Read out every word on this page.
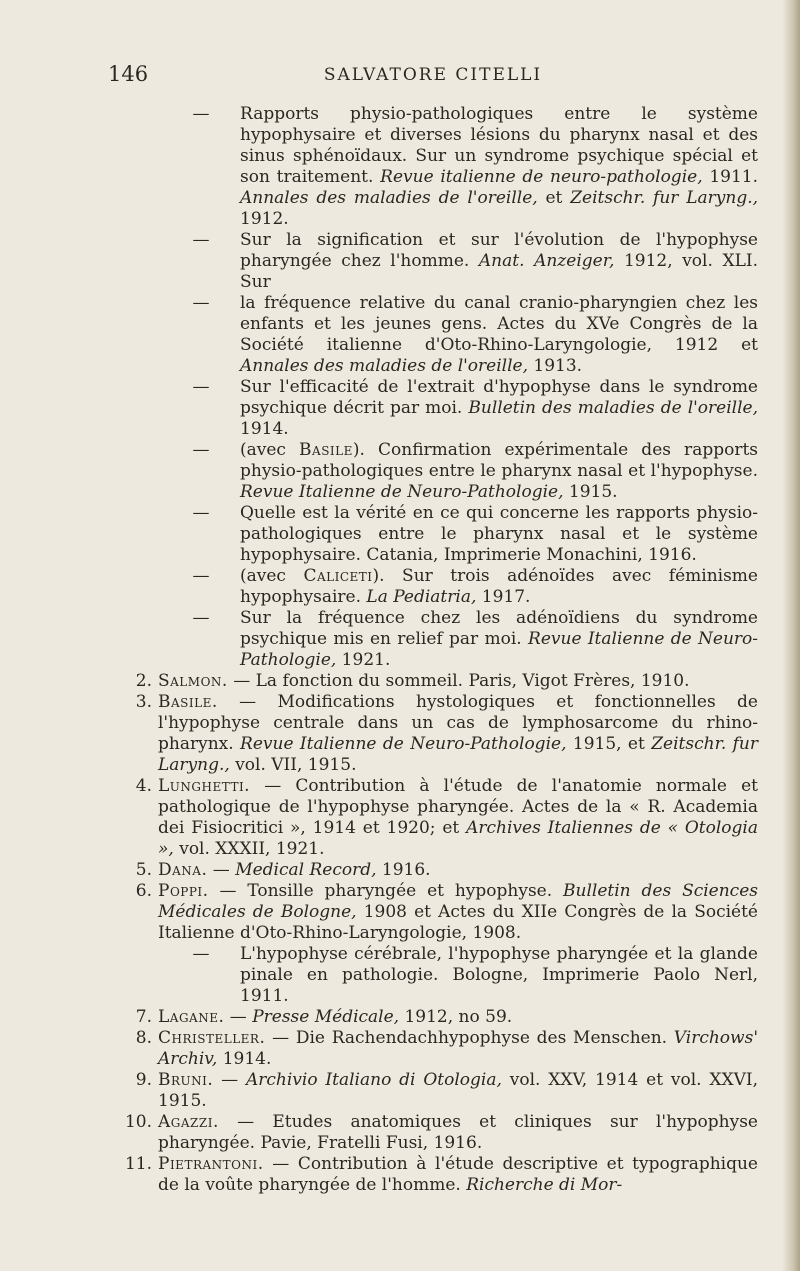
146	SALVATORE CITELLI

—	Rapports physio-pathologiques entre le système hypophysaire et diverses lésions du pharynx nasal et des sinus sphénoïdaux. Sur un syndrome psychique spécial et son traitement. Revue italienne de neuro-pathologie, 1911. Annales des maladies de l'oreille, et Zeitschr. fur Laryng., 1912.

—	Sur la signification et sur l'évolution de l'hypophyse pharyngée chez l'homme. Anat. Anzeiger, 1912, vol. XLI. Sur

—	la fréquence relative du canal cranio-pharyngien chez les enfants et les jeunes gens. Actes du XVe Congrès de la Société italienne d'Oto-Rhino-Laryngologie, 1912 et Annales des maladies de l'oreille, 1913.

—	Sur l'efficacité de l'extrait d'hypophyse dans le syndrome psychique décrit par moi. Bulletin des maladies de l'oreille, 1914.

—	(avec Basile). Confirmation expérimentale des rapports physio-pathologiques entre le pharynx nasal et l'hypophyse. Revue Italienne de Neuro-Pathologie, 1915.

—	Quelle est la vérité en ce qui concerne les rapports physio-pathologiques entre le pharynx nasal et le système hypophysaire. Catania, Imprimerie Monachini, 1916.

—	(avec Caliceti). Sur trois adénoïdes avec féminisme hypophysaire. La Pediatria, 1917.

—	Sur la fréquence chez les adénoïdiens du syndrome psychique mis en relief par moi. Revue Italienne de Neuro-Pathologie, 1921.

2. Salmon. — La fonction du sommeil. Paris, Vigot Frères, 1910.

3. Basile. — Modifications hystologiques et fonctionnelles de l'hypophyse centrale dans un cas de lymphosarcome du rhino-pharynx. Revue Italienne de Neuro-Pathologie, 1915, et Zeitschr. fur Laryng., vol. VII, 1915.

4. Lunghetti. — Contribution à l'étude de l'anatomie normale et pathologique de l'hypophyse pharyngée. Actes de la « R. Academia dei Fisiocritici », 1914 et 1920; et Archives Italiennes de « Otologia », vol. XXXII, 1921.

5. Dana. — Medical Record, 1916.

6. Poppi. — Tonsille pharyngée et hypophyse. Bulletin des Sciences Médicales de Bologne, 1908 et Actes du XIIe Congrès de la Société Italienne d'Oto-Rhino-Laryngologie, 1908.

—	L'hypophyse cérébrale, l'hypophyse pharyngée et la glande pinale en pathologie. Bologne, Imprimerie Paolo Nerl, 1911.

7. Lagane. — Presse Médicale, 1912, no 59.

8. Christeller. — Die Rachendachhypophyse des Menschen. Virchows' Archiv, 1914.

9. Bruni. — Archivio Italiano di Otologia, vol. XXV, 1914 et vol. XXVI, 1915.

10. Agazzi. — Etudes anatomiques et cliniques sur l'hypophyse pharyngée. Pavie, Fratelli Fusi, 1916.

11. Pietrantoni. — Contribution à l'étude descriptive et typographique de la voûte pharyngée de l'homme. Richerche di Mor-
